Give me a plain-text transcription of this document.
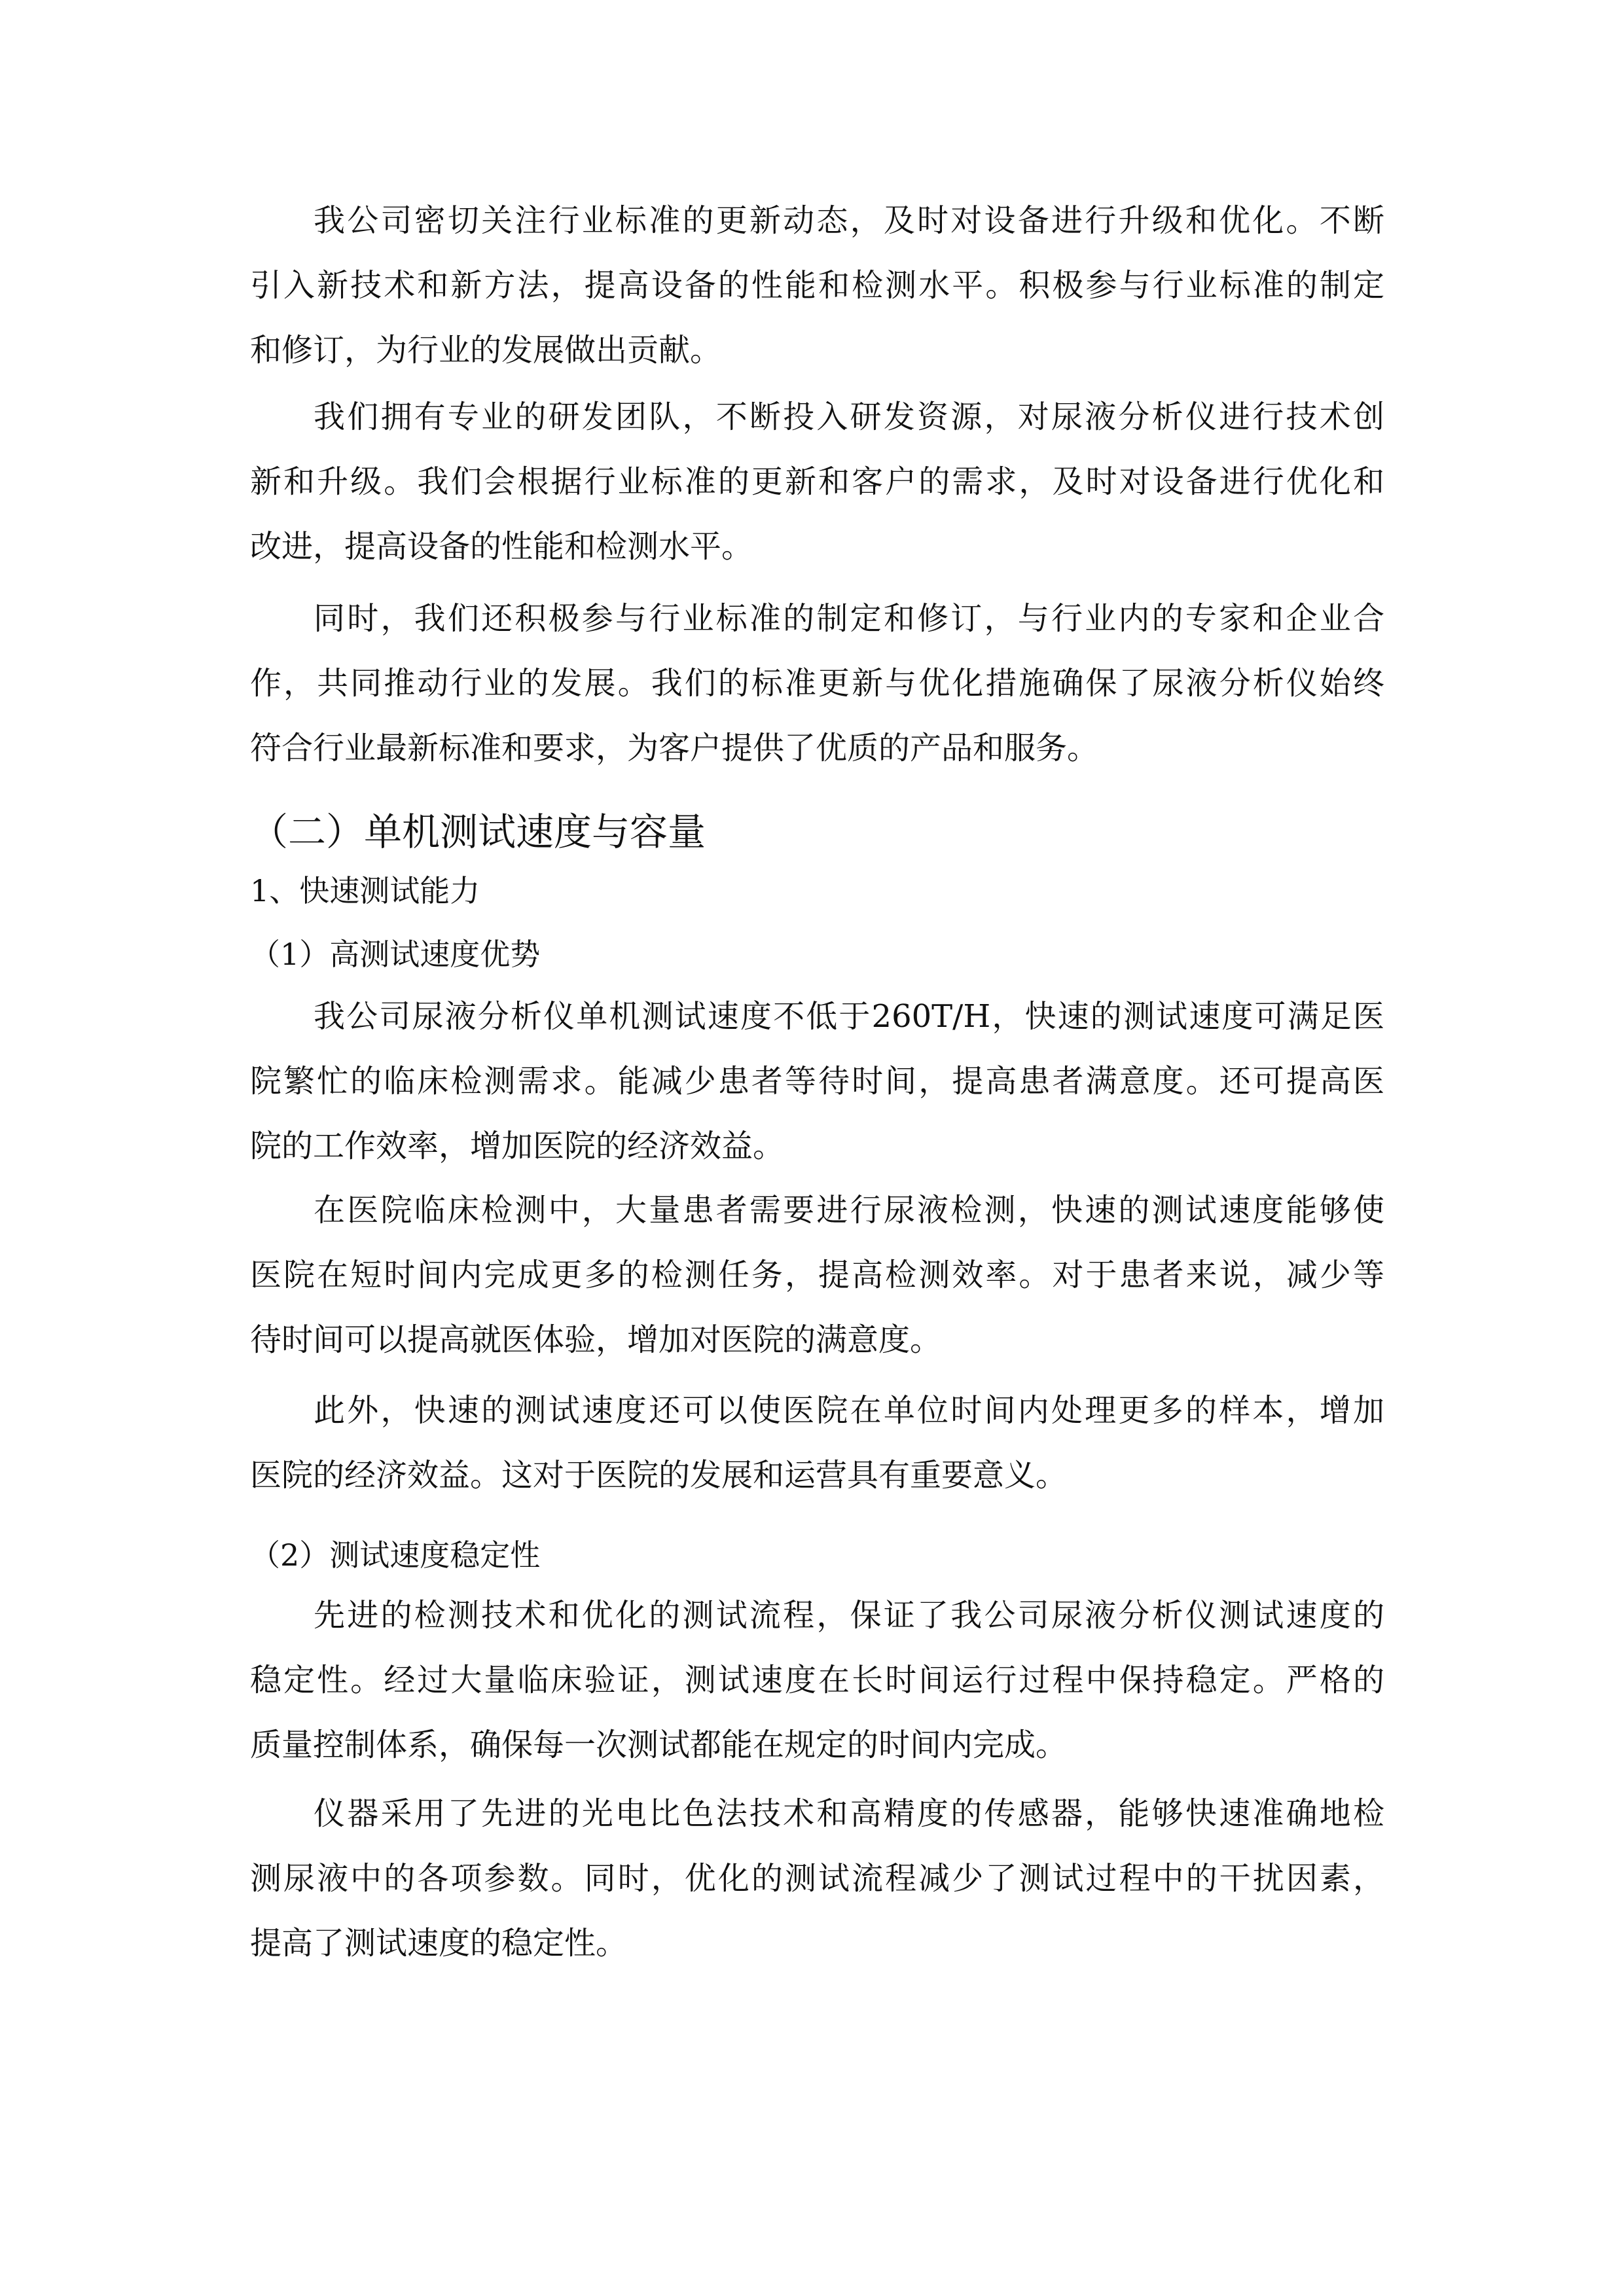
我公司密切关注行业标准的更新动态，及时对设备进行升级和优化。不断
引入新技术和新方法，提高设备的性能和检测水平。积极参与行业标准的制定
和修订，为行业的发展做出贡献。
我们拥有专业的研发团队，不断投入研发资源，对尿液分析仪进行技术创
新和升级。我们会根据行业标准的更新和客户的需求，及时对设备进行优化和
改进，提高设备的性能和检测水平。
同时，我们还积极参与行业标准的制定和修订，与行业内的专家和企业合
作，共同推动行业的发展。我们的标准更新与优化措施确保了尿液分析仪始终
符合行业最新标准和要求，为客户提供了优质的产品和服务。
（二）单机测试速度与容量
1、快速测试能力
（1）高测试速度优势
我公司尿液分析仪单机测试速度不低于260T/H，快速的测试速度可满足医
院繁忙的临床检测需求。能减少患者等待时间，提高患者满意度。还可提高医
院的工作效率，增加医院的经济效益。
在医院临床检测中，大量患者需要进行尿液检测，快速的测试速度能够使
医院在短时间内完成更多的检测任务，提高检测效率。对于患者来说，减少等
待时间可以提高就医体验，增加对医院的满意度。
此外，快速的测试速度还可以使医院在单位时间内处理更多的样本，增加
医院的经济效益。这对于医院的发展和运营具有重要意义。
（2）测试速度稳定性
先进的检测技术和优化的测试流程，保证了我公司尿液分析仪测试速度的
稳定性。经过大量临床验证，测试速度在长时间运行过程中保持稳定。严格的
质量控制体系，确保每一次测试都能在规定的时间内完成。
仪器采用了先进的光电比色法技术和高精度的传感器，能够快速准确地检
测尿液中的各项参数。同时，优化的测试流程减少了测试过程中的干扰因素，
提高了测试速度的稳定性。
